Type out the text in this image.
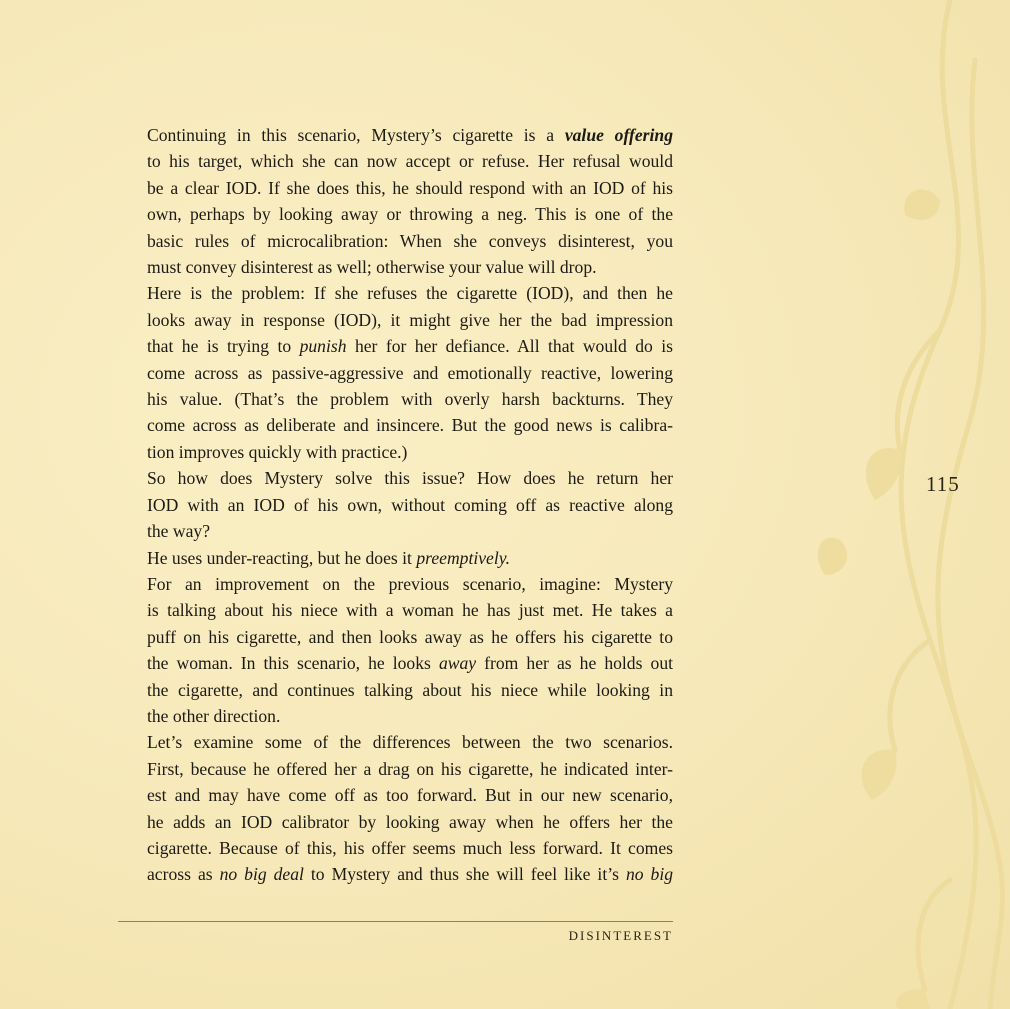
Continuing in this scenario, Mystery’s cigarette is a value offering
to his target, which she can now accept or refuse. Her refusal would
be a clear IOD. If she does this, he should respond with an IOD of his
own, perhaps by looking away or throwing a neg. This is one of the
basic rules of microcalibration: When she conveys disinterest, you
must convey disinterest as well; otherwise your value will drop.

Here is the problem: If she refuses the cigarette (IOD), and then he
looks away in response (IOD), it might give her the bad impression
that he is trying to punish her for her defiance. All that would do is
come across as passive-aggressive and emotionally reactive, lowering
his value. (That’s the problem with overly harsh backturns. They
come across as deliberate and insincere. But the good news is calibra-
tion improves quickly with practice.)

So how does Mystery solve this issue? How does he return her
IOD with an IOD of his own, without coming off as reactive along
the way?

He uses under-reacting, but he does it preemptively.

For an improvement on the previous scenario, imagine: Mystery
is talking about his niece with a woman he has just met. He takes a
puff on his cigarette, and then looks away as he offers his cigarette to
the woman. In this scenario, he looks away from her as he holds out
the cigarette, and continues talking about his niece while looking in
the other direction.

Let’s examine some of the differences between the two scenarios.
First, because he offered her a drag on his cigarette, he indicated inter-
est and may have come off as too forward. But in our new scenario,
he adds an IOD calibrator by looking away when he offers her the
cigarette. Because of this, his offer seems much less forward. It comes
across as no big deal to Mystery and thus she will feel like it’s no big

115
DISINTEREST
